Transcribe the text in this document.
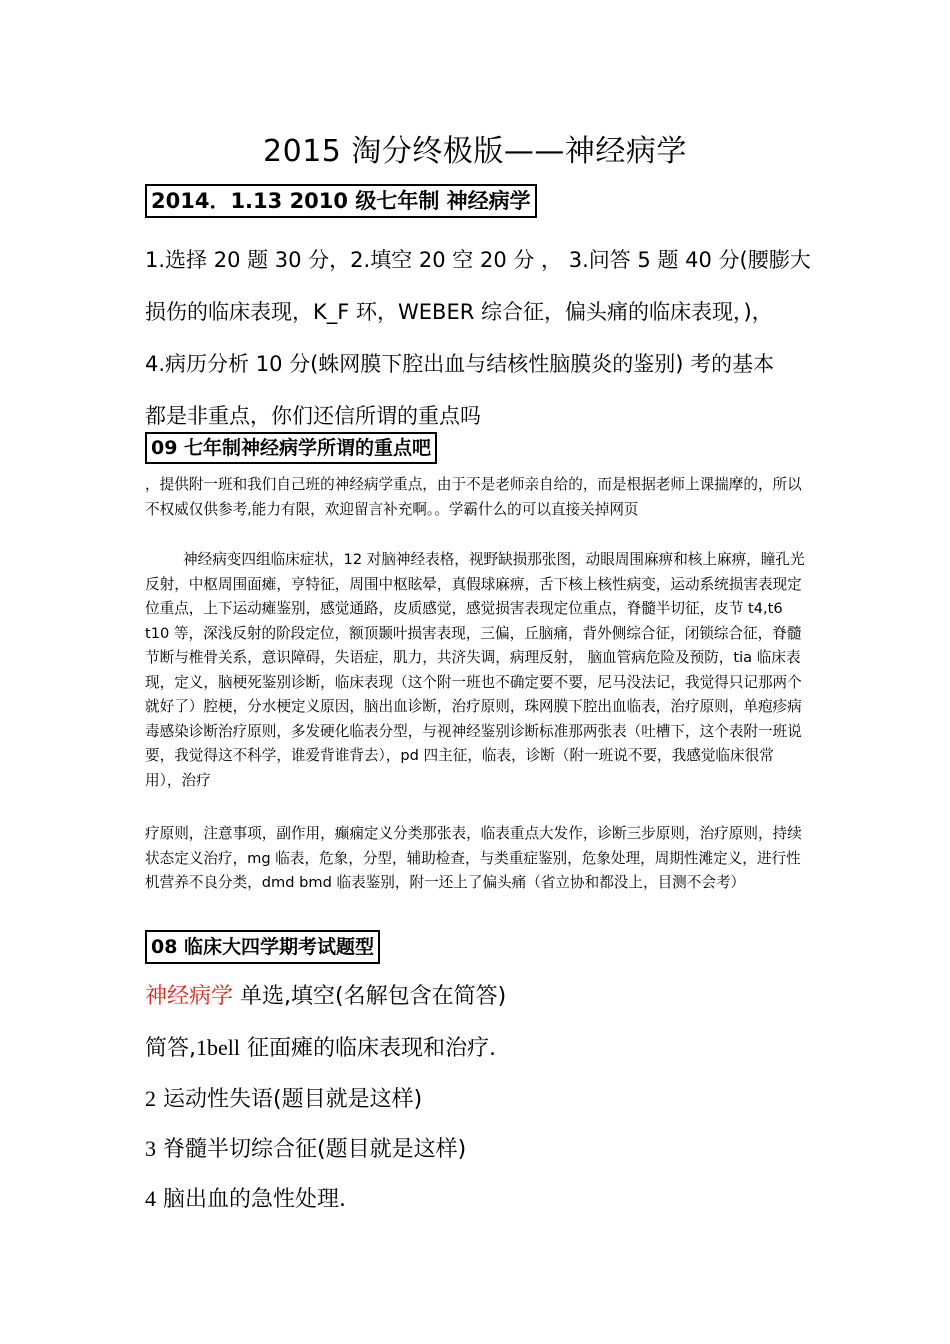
2015 淘分终极版——神经病学
2014．1.13 2010 级七年制 神经病学
1.选择 20 题 30 分，2.填空 20 空 20 分 ， 3.问答 5 题 40 分(腰膨大
损伤的临床表现，K_F 环，WEBER 综合征，偏头痛的临床表现，)，
4.病历分析 10 分(蛛网膜下腔出血与结核性脑膜炎的鉴别) 考的基本
都是非重点，你们还信所谓的重点吗
09 七年制神经病学所谓的重点吧
，提供附一班和我们自己班的神经病学重点，由于不是老师亲自给的，而是根据老师上课揣摩的，所以不权威仅供参考,能力有限，欢迎留言补充啊。。学霸什么的可以直接关掉网页
神经病变四组临床症状，12 对脑神经表格，视野缺损那张图，动眼周围麻痹和核上麻痹，瞳孔光反射，中枢周围面瘫，亨特征，周围中枢眩晕，真假球麻痹，舌下核上核性病变，运动系统损害表现定位重点，上下运动瘫鉴别，感觉通路，皮质感觉，感觉损害表现定位重点，脊髓半切征，皮节 t4,t6 t10 等，深浅反射的阶段定位，额顶颞叶损害表现，三偏，丘脑痛，背外侧综合征，闭锁综合征，脊髓节断与椎骨关系，意识障碍，失语症，肌力，共济失调，病理反射， 脑血管病危险及预防，tia 临床表现，定义，脑梗死鉴别诊断，临床表现（这个附一班也不确定要不要，尼马没法记，我觉得只记那两个就好了）腔梗，分水梗定义原因，脑出血诊断，治疗原则，珠网膜下腔出血临表，治疗原则，单疱疹病毒感染诊断治疗原则，多发硬化临表分型，与视神经鉴别诊断标准那两张表（吐槽下，这个表附一班说要，我觉得这不科学，谁爱背谁背去），pd 四主征，临表，诊断（附一班说不要，我感觉临床很常用），治疗
疗原则，注意事项，副作用，癫痫定义分类那张表，临表重点大发作，诊断三步原则，治疗原则，持续状态定义治疗，mg 临表，危象，分型，辅助检查，与类重症鉴别，危象处理，周期性滩定义，进行性机营养不良分类，dmd bmd 临表鉴别，附一还上了偏头痛（省立协和都没上，目测不会考）
08 临床大四学期考试题型
神经病学 单选,填空(名解包含在简答)
简答,1bell 征面瘫的临床表现和治疗.
2 运动性失语(题目就是这样)
3 脊髓半切综合征(题目就是这样)
4 脑出血的急性处理.
